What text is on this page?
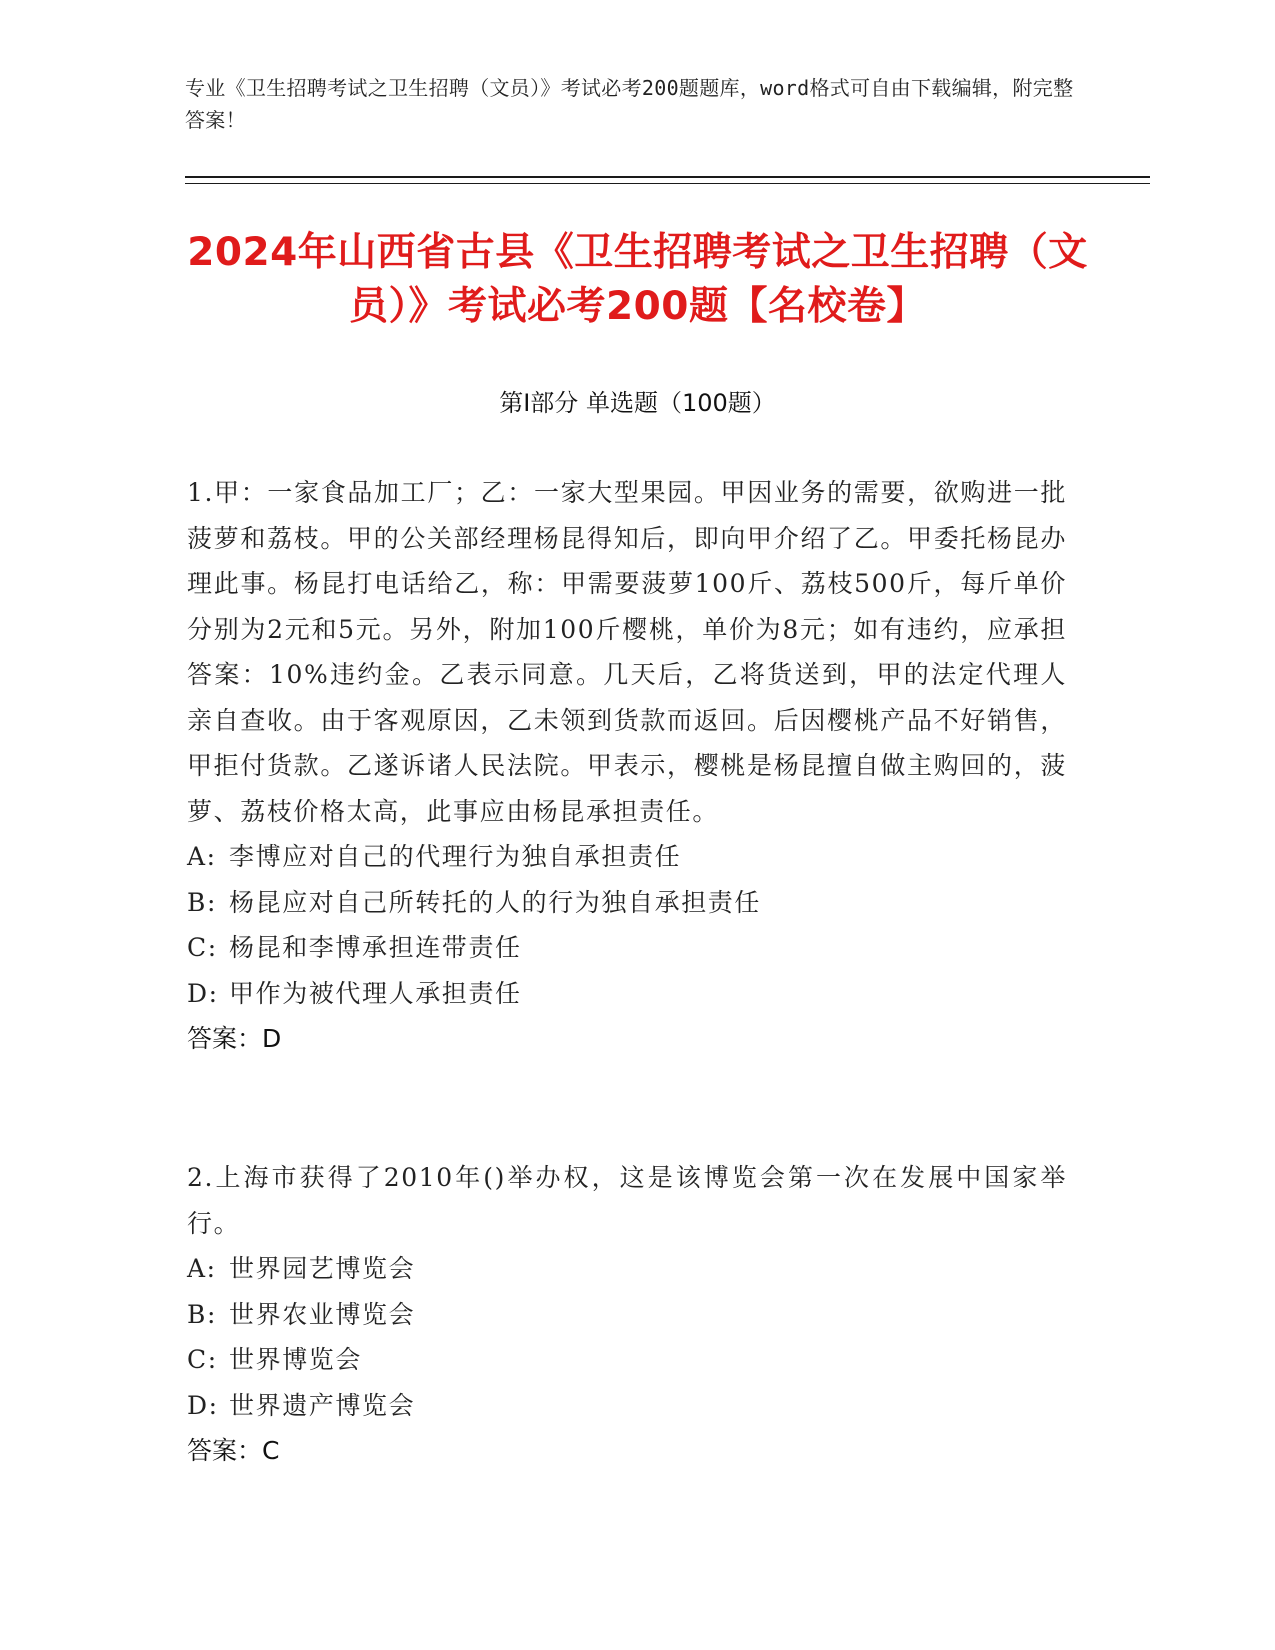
专业《卫生招聘考试之卫生招聘（文员）》考试必考200题题库，word格式可自由下载编辑，附完整答案！
2024年山西省古县《卫生招聘考试之卫生招聘（文员）》考试必考200题【名校卷】
第Ⅰ部分 单选题（100题）
1.甲：一家食品加工厂；乙：一家大型果园。甲因业务的需要，欲购进一批菠萝和荔枝。甲的公关部经理杨昆得知后，即向甲介绍了乙。甲委托杨昆办理此事。杨昆打电话给乙，称：甲需要菠萝100斤、荔枝500斤，每斤单价分别为2元和5元。另外，附加100斤樱桃，单价为8元；如有违约，应承担答案：10%违约金。乙表示同意。几天后，乙将货送到，甲的法定代理人亲自查收。由于客观原因，乙未领到货款而返回。后因樱桃产品不好销售，甲拒付货款。乙遂诉诸人民法院。甲表示，樱桃是杨昆擅自做主购回的，菠萝、荔枝价格太高，此事应由杨昆承担责任。
A: 李博应对自己的代理行为独自承担责任
B: 杨昆应对自己所转托的人的行为独自承担责任
C: 杨昆和李博承担连带责任
D: 甲作为被代理人承担责任
答案：D
2.上海市获得了2010年()举办权，这是该博览会第一次在发展中国家举行。
A: 世界园艺博览会
B: 世界农业博览会
C: 世界博览会
D: 世界遗产博览会
答案：C
